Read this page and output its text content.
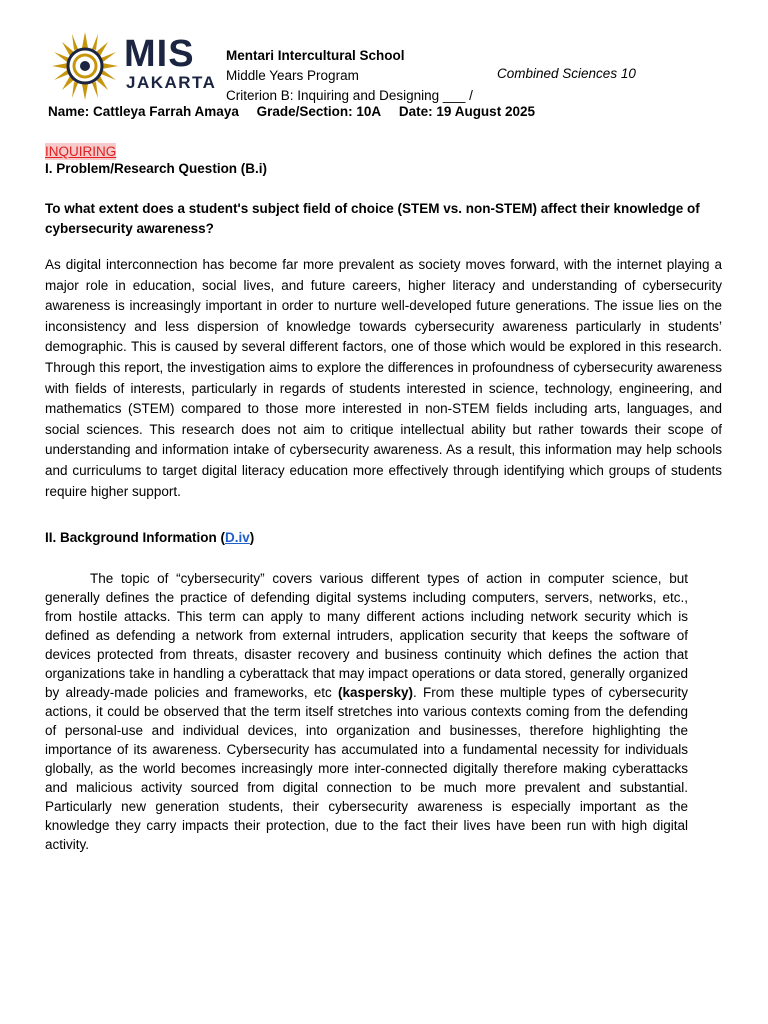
MIS
JAKARTA
Mentari Intercultural School
Middle Years Program
Criterion B: Inquiring and Designing ___ /
Combined Sciences 10
Name: Cattleya Farrah Amaya Grade/Section: 10A Date: 19 August 2025
INQUIRING
I. Problem/Research Question (B.i)
To what extent does a student's subject field of choice (STEM vs. non-STEM) affect their knowledge of cybersecurity awareness?
As digital interconnection has become far more prevalent as society moves forward, with the internet playing a major role in education, social lives, and future careers, higher literacy and understanding of cybersecurity awareness is increasingly important in order to nurture well-developed future generations. The issue lies on the inconsistency and less dispersion of knowledge towards cybersecurity awareness particularly in students’ demographic. This is caused by several different factors, one of those which would be explored in this research. Through this report, the investigation aims to explore the differences in profoundness of cybersecurity awareness with fields of interests, particularly in regards of students interested in science, technology, engineering, and mathematics (STEM) compared to those more interested in non-STEM fields including arts, languages, and social sciences. This research does not aim to critique intellectual ability but rather towards their scope of understanding and information intake of cybersecurity awareness. As a result, this information may help schools and curriculums to target digital literacy education more effectively through identifying which groups of students require higher support.
II. Background Information (D.iv)
The topic of “cybersecurity” covers various different types of action in computer science, but generally defines the practice of defending digital systems including computers, servers, networks, etc., from hostile attacks. This term can apply to many different actions including network security which is defined as defending a network from external intruders, application security that keeps the software of devices protected from threats, disaster recovery and business continuity which defines the action that organizations take in handling a cyberattack that may impact operations or data stored, generally organized by already-made policies and frameworks, etc (kaspersky). From these multiple types of cybersecurity actions, it could be observed that the term itself stretches into various contexts coming from the defending of personal-use and individual devices, into organization and businesses, therefore highlighting the importance of its awareness. Cybersecurity has accumulated into a fundamental necessity for individuals globally, as the world becomes increasingly more inter-connected digitally therefore making cyberattacks and malicious activity sourced from digital connection to be much more prevalent and substantial. Particularly new generation students, their cybersecurity awareness is especially important as the knowledge they carry impacts their protection, due to the fact their lives have been run with high digital activity.
